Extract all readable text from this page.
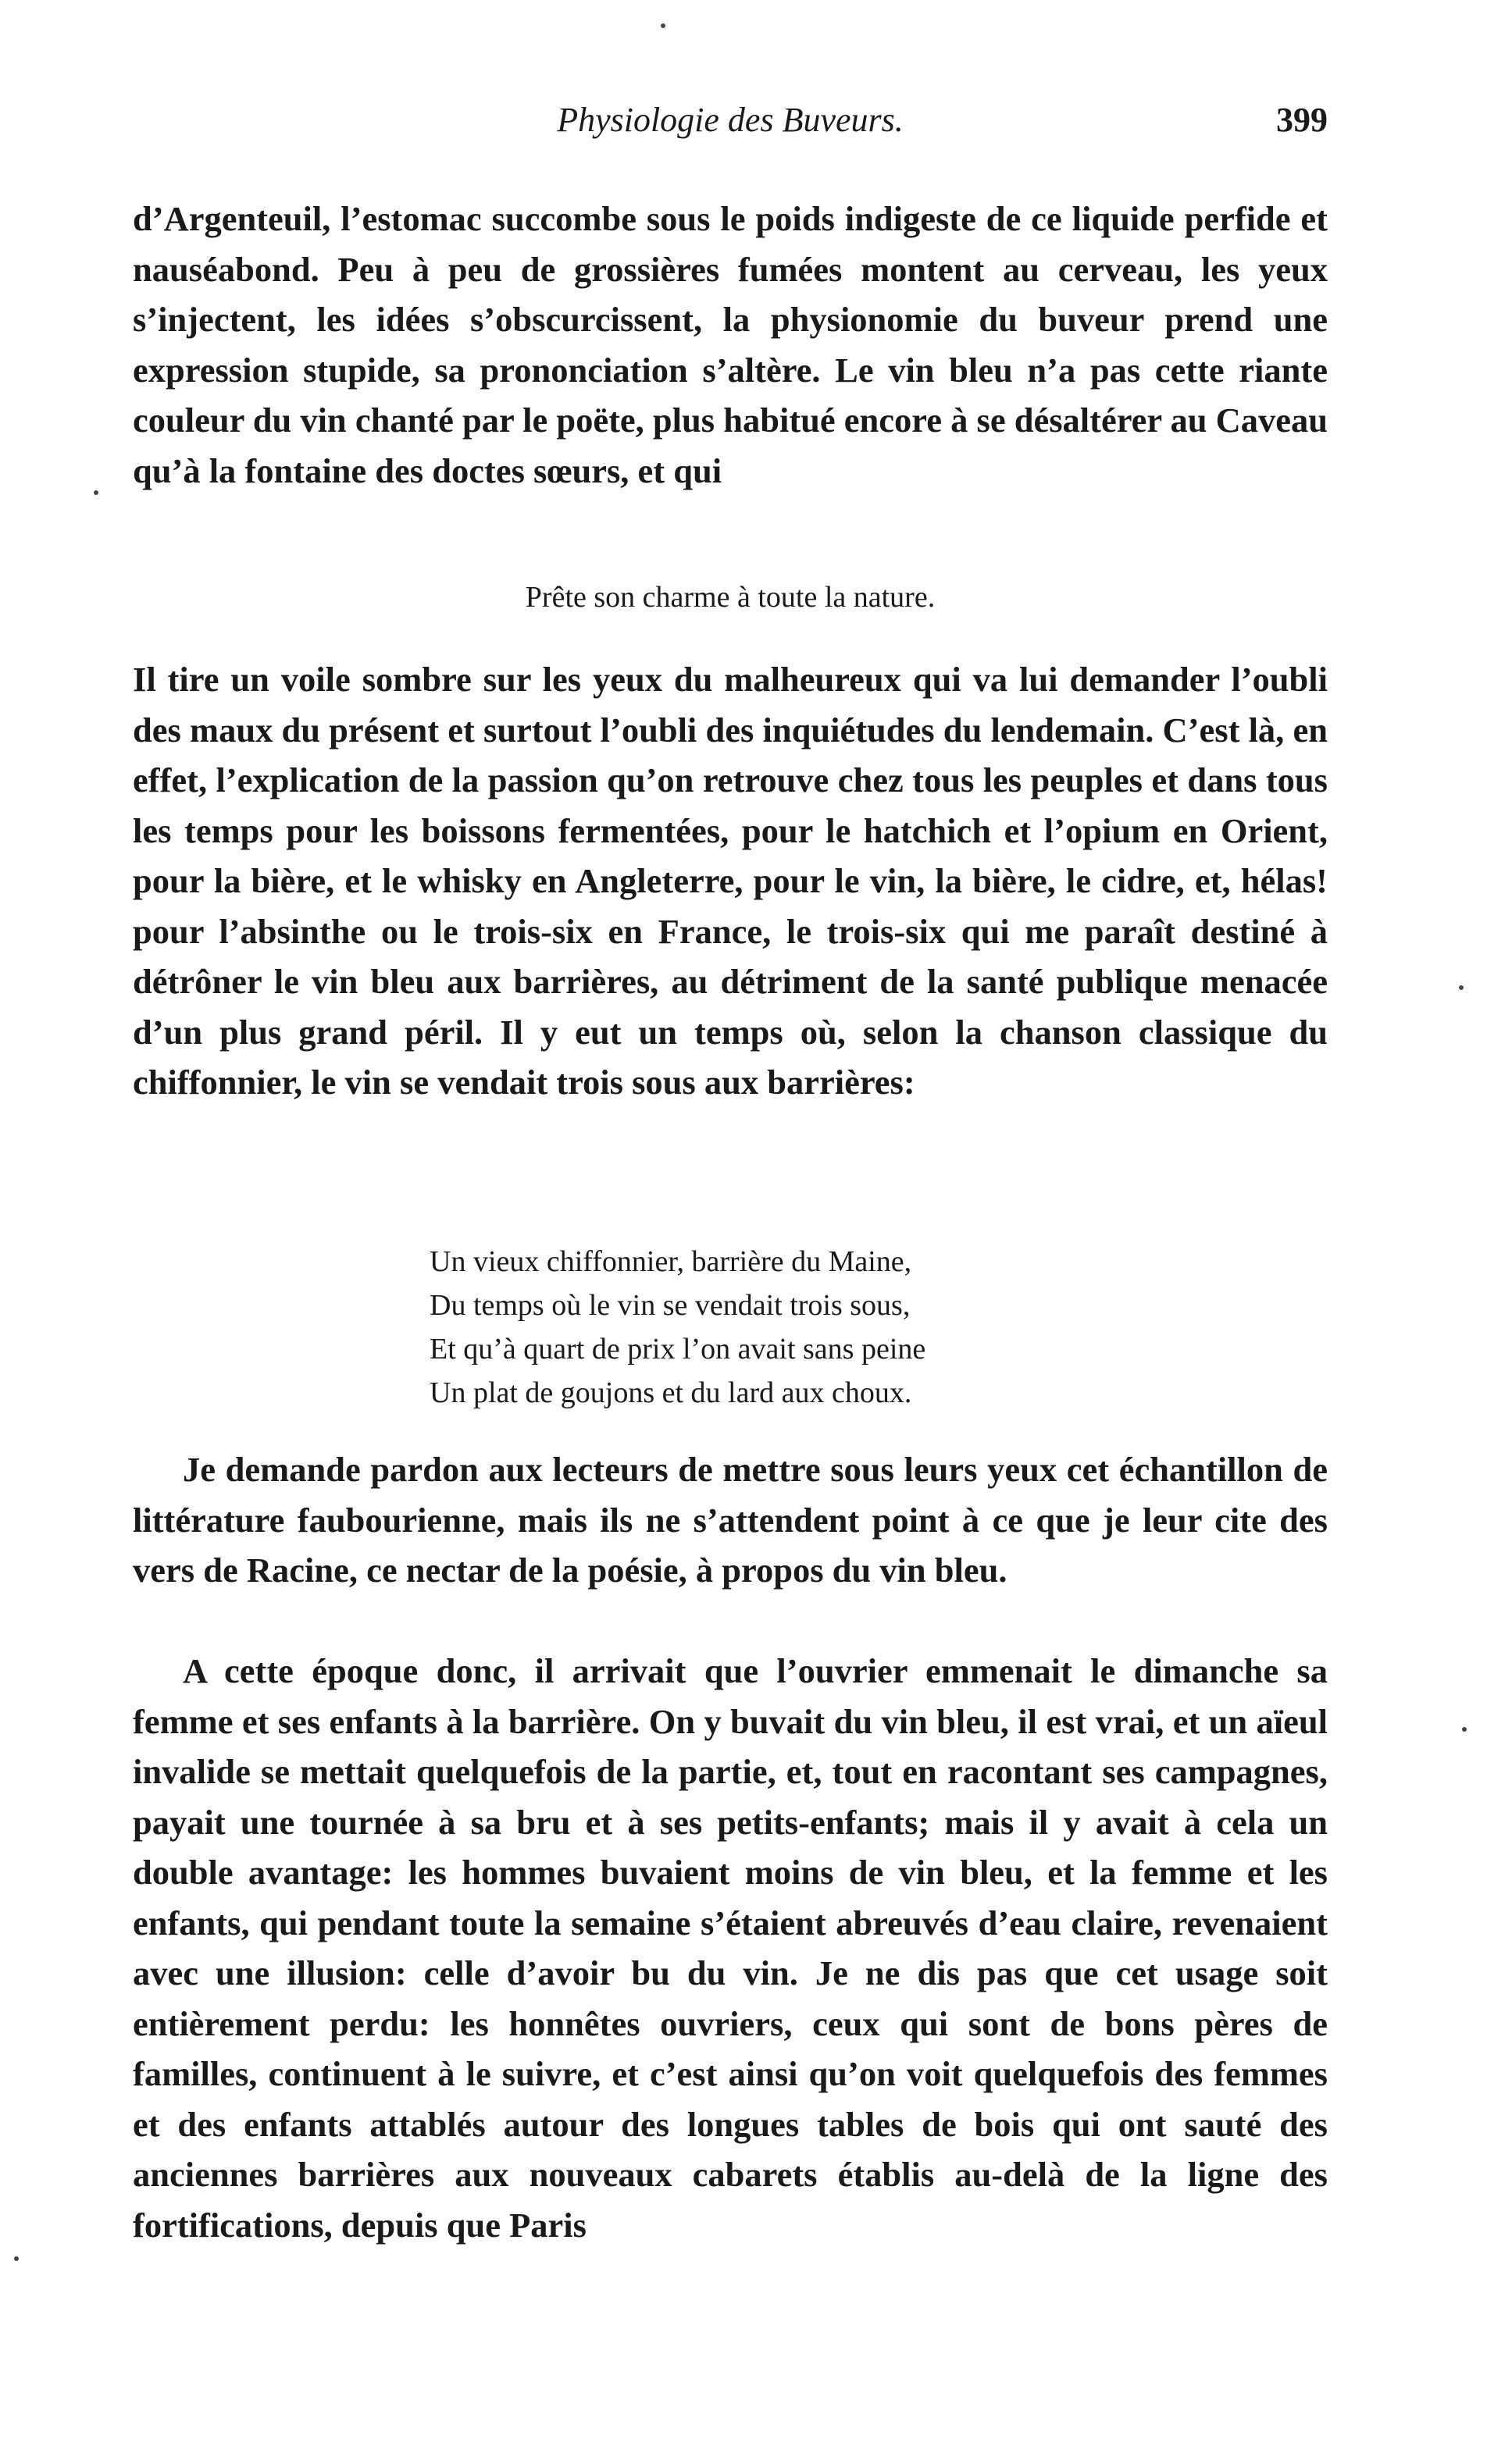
Physiologie des Buveurs.	399

d’Argenteuil, l’estomac succombe sous le poids indigeste de ce liquide perfide et nauséabond. Peu à peu de grossières fumées montent au cerveau, les yeux s’injectent, les idées s’obscurcissent, la physionomie du buveur prend une expression stupide, sa prononciation s’altère. Le vin bleu n’a pas cette riante couleur du vin chanté par le poëte, plus habitué encore à se désaltérer au Caveau qu’à la fontaine des doctes sœurs, et qui

Prête son charme à toute la nature.

Il tire un voile sombre sur les yeux du malheureux qui va lui demander l’oubli des maux du présent et surtout l’oubli des inquiétudes du lendemain. C’est là, en effet, l’explication de la passion qu’on retrouve chez tous les peuples et dans tous les temps pour les boissons fermentées, pour le hatchich et l’opium en Orient, pour la bière, et le whisky en Angleterre, pour le vin, la bière, le cidre, et, hélas! pour l’absinthe ou le trois-six en France, le trois-six qui me paraît destiné à détrôner le vin bleu aux barrières, au détriment de la santé publique menacée d’un plus grand péril. Il y eut un temps où, selon la chanson classique du chiffonnier, le vin se vendait trois sous aux barrières:

Un vieux chiffonnier, barrière du Maine,
Du temps où le vin se vendait trois sous,
Et qu’à quart de prix l’on avait sans peine
Un plat de goujons et du lard aux choux.

Je demande pardon aux lecteurs de mettre sous leurs yeux cet échantillon de littérature faubourienne, mais ils ne s’attendent point à ce que je leur cite des vers de Racine, ce nectar de la poésie, à propos du vin bleu.

A cette époque donc, il arrivait que l’ouvrier emmenait le dimanche sa femme et ses enfants à la barrière. On y buvait du vin bleu, il est vrai, et un aïeul invalide se mettait quelquefois de la partie, et, tout en racontant ses campagnes, payait une tournée à sa bru et à ses petits-enfants; mais il y avait à cela un double avantage: les hommes buvaient moins de vin bleu, et la femme et les enfants, qui pendant toute la semaine s’étaient abreuvés d’eau claire, revenaient avec une illusion: celle d’avoir bu du vin. Je ne dis pas que cet usage soit entièrement perdu: les honnêtes ouvriers, ceux qui sont de bons pères de familles, continuent à le suivre, et c’est ainsi qu’on voit quelquefois des femmes et des enfants attablés autour des longues tables de bois qui ont sauté des anciennes barrières aux nouveaux cabarets établis au-delà de la ligne des fortifications, depuis que Paris
